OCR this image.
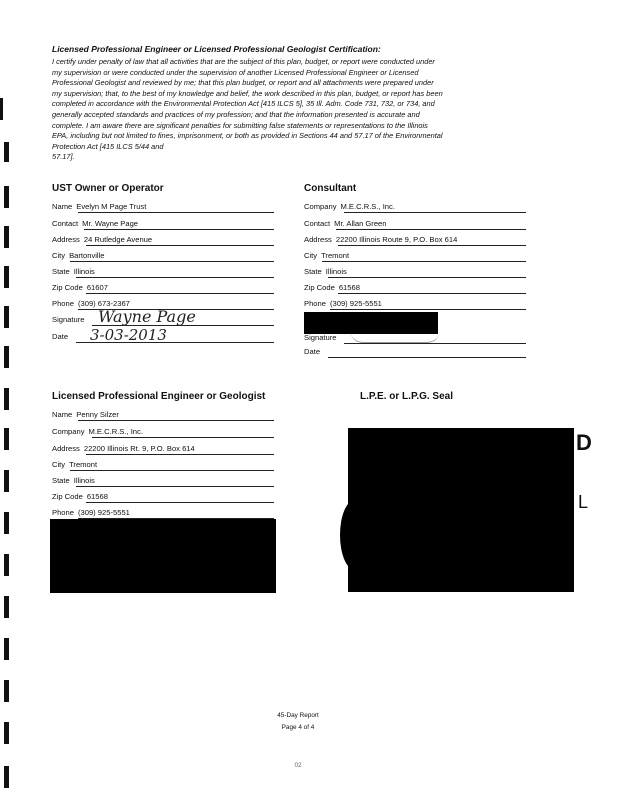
Licensed Professional Engineer or Licensed Professional Geologist Certification:
I certify under penalty of law that all activities that are the subject of this plan, budget, or report were conducted under
my supervision or were conducted under the supervision of another Licensed Professional Engineer or Licensed
Professional Geologist and reviewed by me; that this plan budget, or report and all attachments were prepared under
my supervision; that, to the best of my knowledge and belief, the work described in this plan, budget, or report has been
completed in accordance with the Environmental Protection Act [415 ILCS 5], 35 Ill. Adm. Code 731, 732, or 734, and
generally accepted standards and practices of my profession; and that the information presented is accurate and
complete. I am aware there are significant penalties for submitting false statements or representations to the Illinois
EPA, including but not limited to fines, imprisonment, or both as provided in Sections 44 and 57.17 of the Environmental
Protection Act [415 ILCS 5/44 and
57.17].
UST Owner or Operator
Name Evelyn M Page Trust
Contact Mr. Wayne Page
Address 24 Rutledge Avenue
City Bartonville
State Illinois
Zip Code 61607
Phone (309) 673-2367
Signature Wayne Page
Date 3-03-2013
Consultant
Company M.E.C.R.S., Inc.
Contact Mr. Allan Green
Address 22200 Illinois Route 9, P.O. Box 614
City Tremont
State Illinois
Zip Code 61568
Phone (309) 925-5551
Signature
Date
Licensed Professional Engineer or Geologist
Name Penny Silzer
Company M.E.C.R.S., Inc.
Address 22200 Illinois Rt. 9, P.O. Box 614
City Tremont
State Illinois
Zip Code 61568
Phone (309) 925-5551
L.P.E. or L.P.G. Seal
D
L
45-Day Report
Page 4 of 4
02
